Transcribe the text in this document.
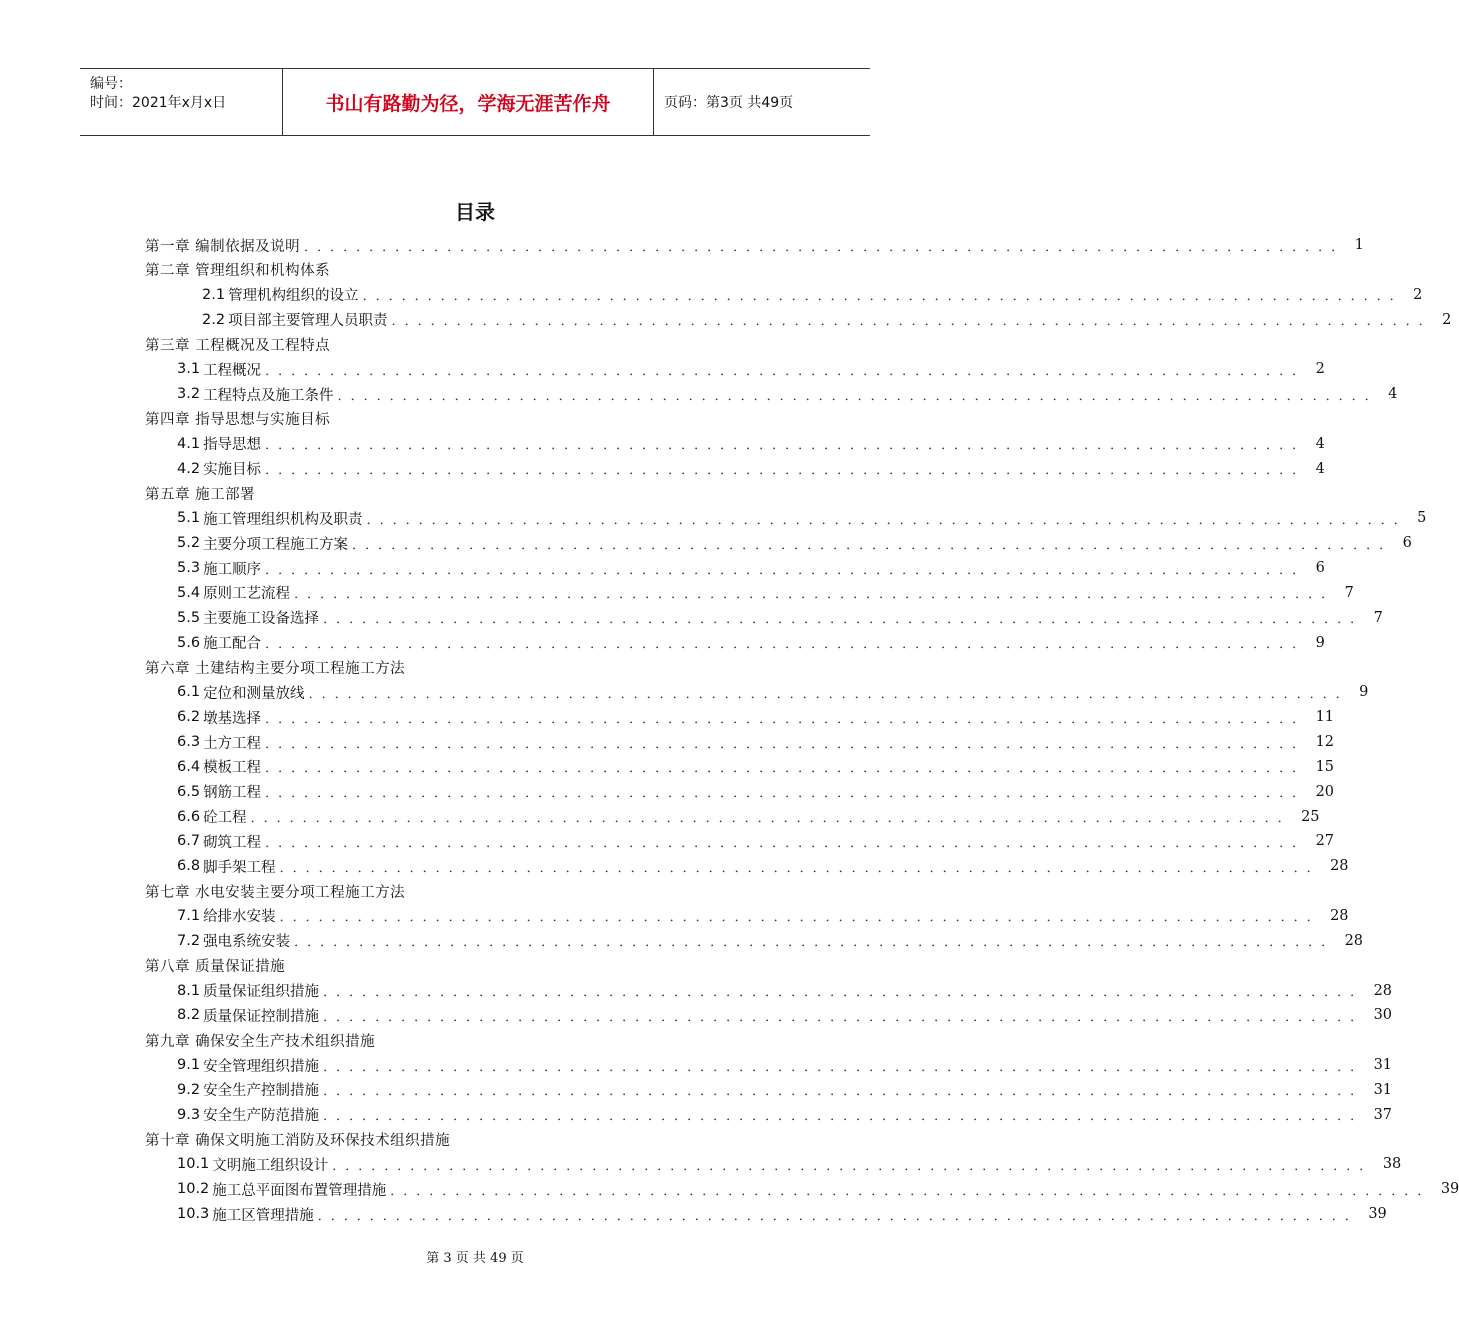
编号：
时间：2021年x月x日	书山有路勤为径，学海无涯苦作舟	页码：第3页 共49页
目录
第一章 编制依据及说明 ．．．．．．．．．．．．．．．．．．．．．．．．．．．．．．．．．．．．．．．．．．．．．．．．．．．．．．．．．．．．．．．．．．．．．．．．．．．．．．．． 1
第二章 管理组织和机构体系
2.1 管理机构组织的设立 ．．．．．．．．．．．．．．．．．．．．．．．．．．．．．．．．．．．．．．．．．．．．．．．．．．．．．．．．．．．．．．．．．．．．．．．．．．．．．．．． 2
2.2 项目部主要管理人员职责 ．．．．．．．．．．．．．．．．．．．．．．．．．．．．．．．．．．．．．．．．．．．．．．．．．．．．．．．．．．．．．．．．．．．．．．．．．．．．．．．． 2
第三章 工程概况及工程特点
3.1 工程概况 ．．．．．．．．．．．．．．．．．．．．．．．．．．．．．．．．．．．．．．．．．．．．．．．．．．．．．．．．．．．．．．．．．．．．．．．．．．．．．．．． 2
3.2 工程特点及施工条件 ．．．．．．．．．．．．．．．．．．．．．．．．．．．．．．．．．．．．．．．．．．．．．．．．．．．．．．．．．．．．．．．．．．．．．．．．．．．．．．．． 4
第四章 指导思想与实施目标
4.1 指导思想 ．．．．．．．．．．．．．．．．．．．．．．．．．．．．．．．．．．．．．．．．．．．．．．．．．．．．．．．．．．．．．．．．．．．．．．．．．．．．．．．． 4
4.2 实施目标 ．．．．．．．．．．．．．．．．．．．．．．．．．．．．．．．．．．．．．．．．．．．．．．．．．．．．．．．．．．．．．．．．．．．．．．．．．．．．．．．． 4
第五章 施工部署
5.1 施工管理组织机构及职责 ．．．．．．．．．．．．．．．．．．．．．．．．．．．．．．．．．．．．．．．．．．．．．．．．．．．．．．．．．．．．．．．．．．．．．．．．．．．．．．．． 5
5.2 主要分项工程施工方案 ．．．．．．．．．．．．．．．．．．．．．．．．．．．．．．．．．．．．．．．．．．．．．．．．．．．．．．．．．．．．．．．．．．．．．．．．．．．．．．．． 6
5.3 施工顺序 ．．．．．．．．．．．．．．．．．．．．．．．．．．．．．．．．．．．．．．．．．．．．．．．．．．．．．．．．．．．．．．．．．．．．．．．．．．．．．．．． 6
5.4 原则工艺流程 ．．．．．．．．．．．．．．．．．．．．．．．．．．．．．．．．．．．．．．．．．．．．．．．．．．．．．．．．．．．．．．．．．．．．．．．．．．．．．．．． 7
5.5 主要施工设备选择 ．．．．．．．．．．．．．．．．．．．．．．．．．．．．．．．．．．．．．．．．．．．．．．．．．．．．．．．．．．．．．．．．．．．．．．．．．．．．．．．． 7
5.6 施工配合 ．．．．．．．．．．．．．．．．．．．．．．．．．．．．．．．．．．．．．．．．．．．．．．．．．．．．．．．．．．．．．．．．．．．．．．．．．．．．．．．． 9
第六章 土建结构主要分项工程施工方法
6.1 定位和测量放线 ．．．．．．．．．．．．．．．．．．．．．．．．．．．．．．．．．．．．．．．．．．．．．．．．．．．．．．．．．．．．．．．．．．．．．．．．．．．．．．．． 9
6.2 墩基选择 ．．．．．．．．．．．．．．．．．．．．．．．．．．．．．．．．．．．．．．．．．．．．．．．．．．．．．．．．．．．．．．．．．．．．．．．．．．．．．．．． 11
6.3 土方工程 ．．．．．．．．．．．．．．．．．．．．．．．．．．．．．．．．．．．．．．．．．．．．．．．．．．．．．．．．．．．．．．．．．．．．．．．．．．．．．．．． 12
6.4 模板工程 ．．．．．．．．．．．．．．．．．．．．．．．．．．．．．．．．．．．．．．．．．．．．．．．．．．．．．．．．．．．．．．．．．．．．．．．．．．．．．．．． 15
6.5 钢筋工程 ．．．．．．．．．．．．．．．．．．．．．．．．．．．．．．．．．．．．．．．．．．．．．．．．．．．．．．．．．．．．．．．．．．．．．．．．．．．．．．．． 20
6.6 砼工程 ．．．．．．．．．．．．．．．．．．．．．．．．．．．．．．．．．．．．．．．．．．．．．．．．．．．．．．．．．．．．．．．．．．．．．．．．．．．．．．．． 25
6.7 砌筑工程 ．．．．．．．．．．．．．．．．．．．．．．．．．．．．．．．．．．．．．．．．．．．．．．．．．．．．．．．．．．．．．．．．．．．．．．．．．．．．．．．． 27
6.8 脚手架工程 ．．．．．．．．．．．．．．．．．．．．．．．．．．．．．．．．．．．．．．．．．．．．．．．．．．．．．．．．．．．．．．．．．．．．．．．．．．．．．．．． 28
第七章 水电安装主要分项工程施工方法
7.1 给排水安装 ．．．．．．．．．．．．．．．．．．．．．．．．．．．．．．．．．．．．．．．．．．．．．．．．．．．．．．．．．．．．．．．．．．．．．．．．．．．．．．．． 28
7.2 强电系统安装 ．．．．．．．．．．．．．．．．．．．．．．．．．．．．．．．．．．．．．．．．．．．．．．．．．．．．．．．．．．．．．．．．．．．．．．．．．．．．．．．． 28
第八章 质量保证措施
8.1 质量保证组织措施 ．．．．．．．．．．．．．．．．．．．．．．．．．．．．．．．．．．．．．．．．．．．．．．．．．．．．．．．．．．．．．．．．．．．．．．．．．．．．．．．． 28
8.2 质量保证控制措施 ．．．．．．．．．．．．．．．．．．．．．．．．．．．．．．．．．．．．．．．．．．．．．．．．．．．．．．．．．．．．．．．．．．．．．．．．．．．．．．．． 30
第九章 确保安全生产技术组织措施
9.1 安全管理组织措施 ．．．．．．．．．．．．．．．．．．．．．．．．．．．．．．．．．．．．．．．．．．．．．．．．．．．．．．．．．．．．．．．．．．．．．．．．．．．．．．．． 31
9.2 安全生产控制措施 ．．．．．．．．．．．．．．．．．．．．．．．．．．．．．．．．．．．．．．．．．．．．．．．．．．．．．．．．．．．．．．．．．．．．．．．．．．．．．．．． 31
9.3 安全生产防范措施 ．．．．．．．．．．．．．．．．．．．．．．．．．．．．．．．．．．．．．．．．．．．．．．．．．．．．．．．．．．．．．．．．．．．．．．．．．．．．．．．． 37
第十章 确保文明施工消防及环保技术组织措施
10.1 文明施工组织设计 ．．．．．．．．．．．．．．．．．．．．．．．．．．．．．．．．．．．．．．．．．．．．．．．．．．．．．．．．．．．．．．．．．．．．．．．．．．．．．．．． 38
10.2 施工总平面图布置管理措施 ．．．．．．．．．．．．．．．．．．．．．．．．．．．．．．．．．．．．．．．．．．．．．．．．．．．．．．．．．．．．．．．．．．．．．．．．．．．．．．．． 39
10.3 施工区管理措施 ．．．．．．．．．．．．．．．．．．．．．．．．．．．．．．．．．．．．．．．．．．．．．．．．．．．．．．．．．．．．．．．．．．．．．．．．．．．．．．．． 39
第 3 页 共 49 页
